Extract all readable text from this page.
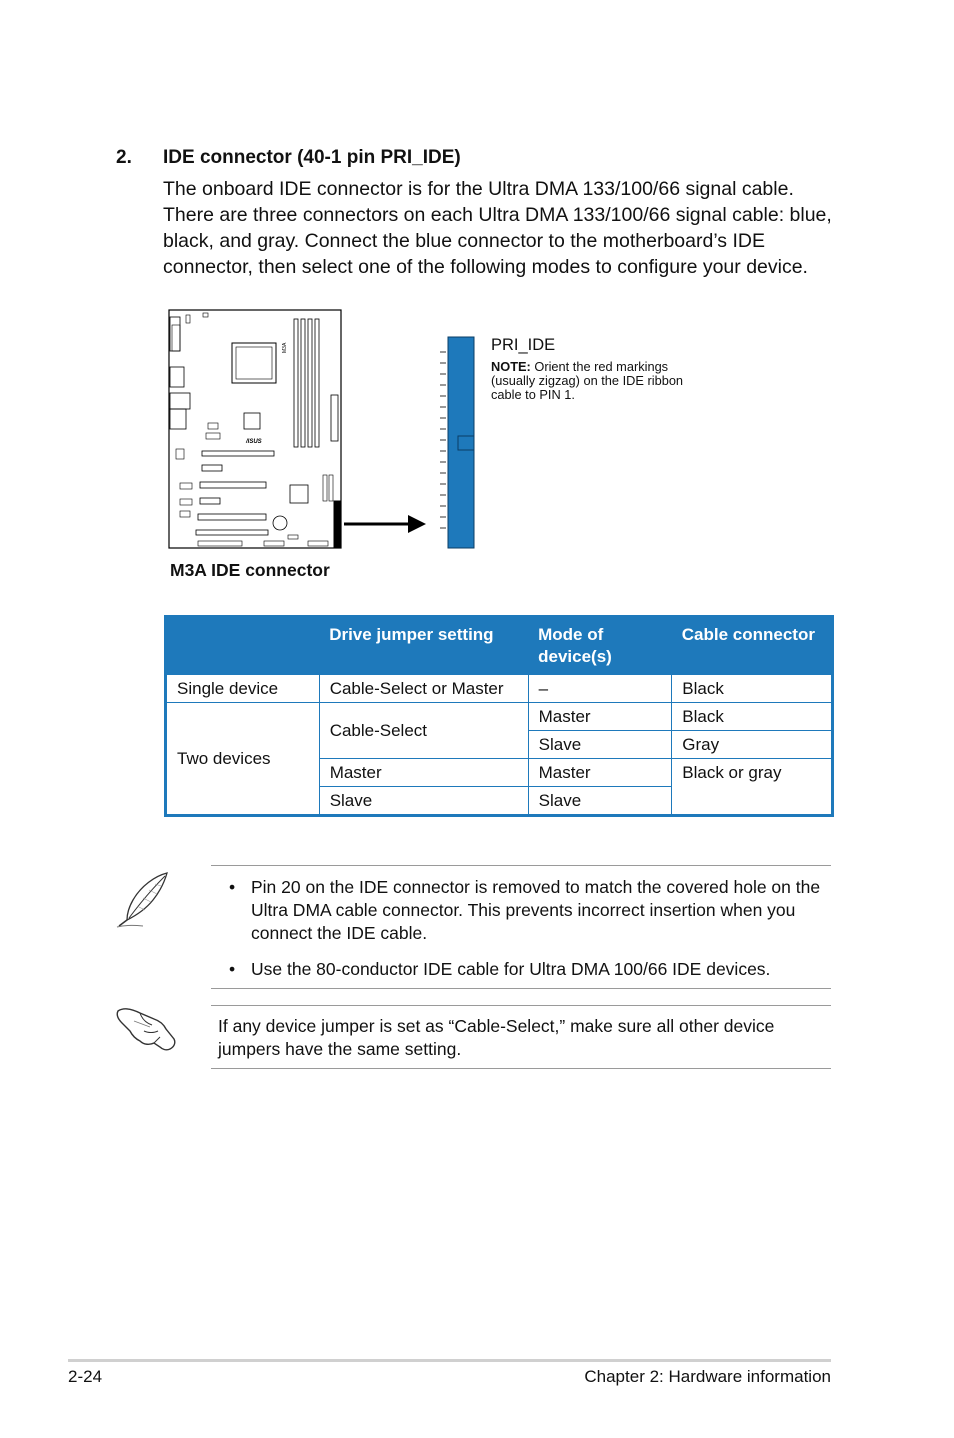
2. IDE connector (40-1 pin PRI_IDE)
The onboard IDE connector is for the Ultra DMA 133/100/66 signal cable. There are three connectors on each Ultra DMA 133/100/66 signal cable: blue, black, and gray. Connect the blue connector to the motherboard’s IDE connector, then select one of the following modes to configure your device.
M3A
/ISUS
PRI_IDE
NOTE: Orient the red markings (usually zigzag) on the IDE ribbon cable to PIN 1.
M3A IDE connector
	Drive jumper setting	Mode of device(s)	Cable connector
Single device	Cable-Select or Master	–	Black
Two devices	Cable-Select	Master	Black
		Slave	Gray
	Master	Master	Black or gray
	Slave	Slave	
• Pin 20 on the IDE connector is removed to match the covered hole on the Ultra DMA cable connector. This prevents incorrect insertion when you connect the IDE cable.
• Use the 80-conductor IDE cable for Ultra DMA 100/66 IDE devices.
If any device jumper is set as “Cable-Select,” make sure all other device jumpers have the same setting.
2-24	Chapter 2: Hardware information
